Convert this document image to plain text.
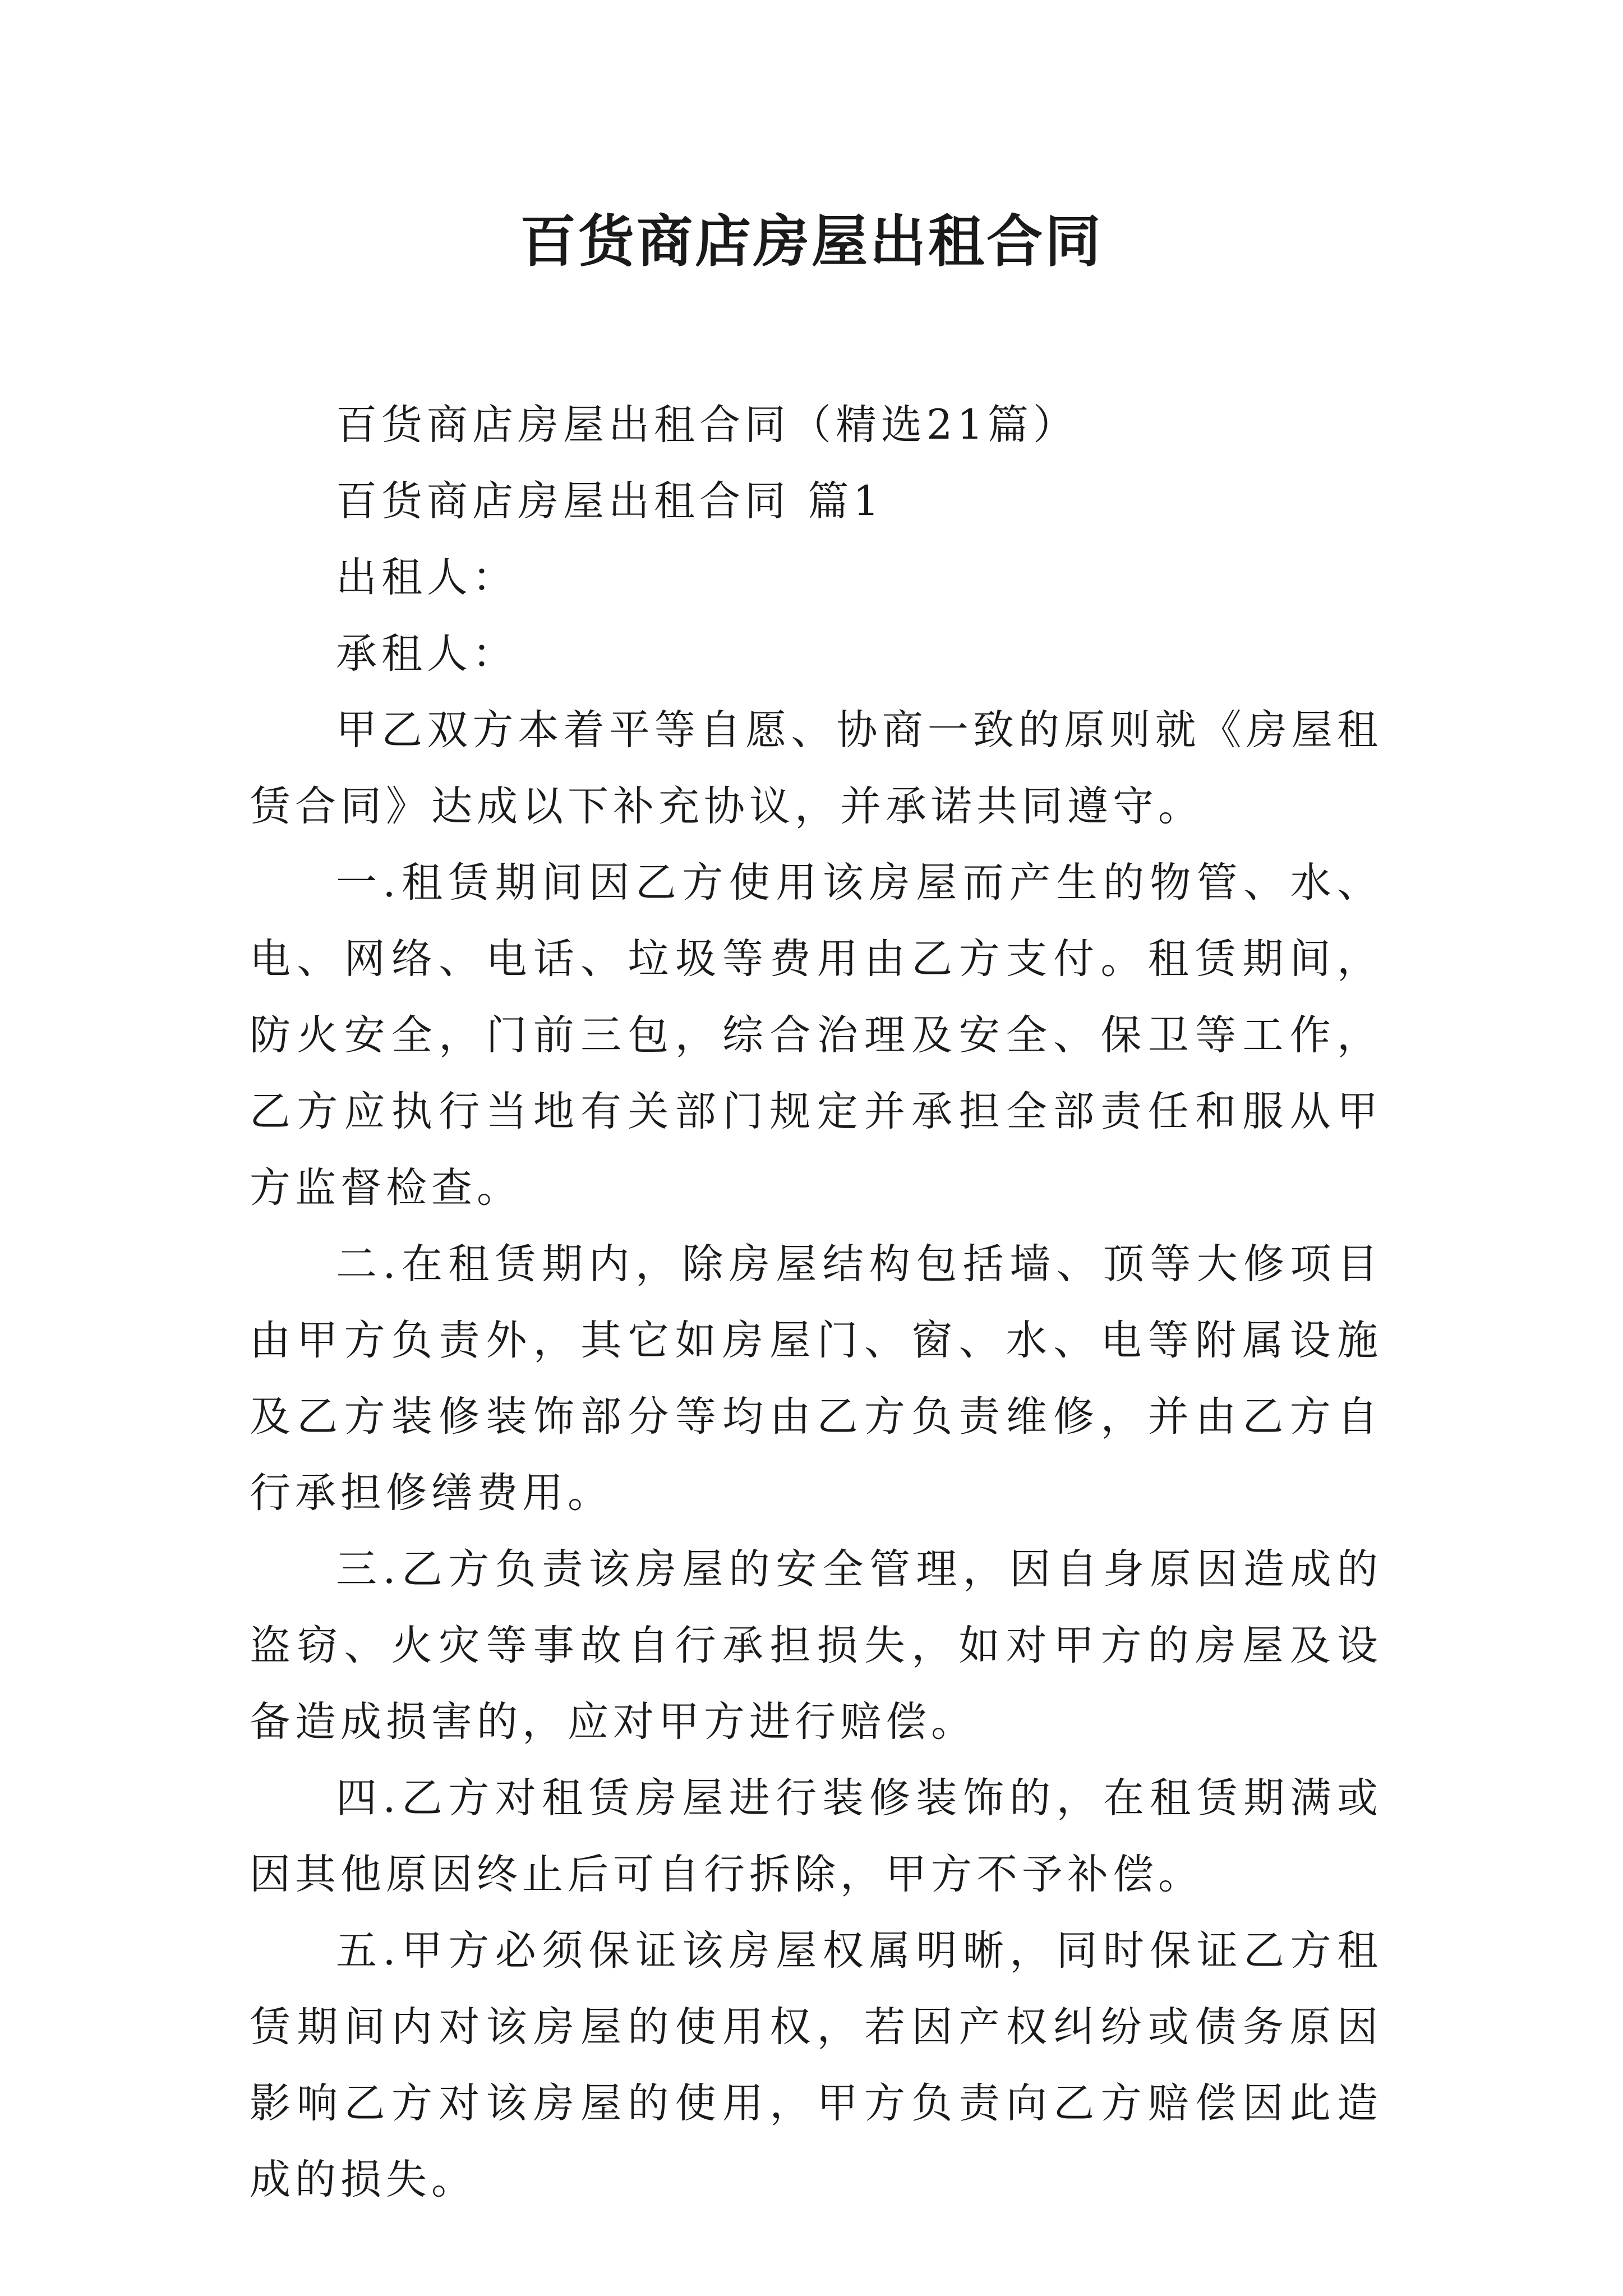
百货商店房屋出租合同

百货商店房屋出租合同（精选21篇）

百货商店房屋出租合同 篇1

出租人：

承租人：

甲乙双方本着平等自愿、协商一致的原则就《房屋租赁合同》达成以下补充协议，并承诺共同遵守。

一.租赁期间因乙方使用该房屋而产生的物管、水、电、网络、电话、垃圾等费用由乙方支付。租赁期间，防火安全，门前三包，综合治理及安全、保卫等工作，乙方应执行当地有关部门规定并承担全部责任和服从甲方监督检查。

二.在租赁期内，除房屋结构包括墙、顶等大修项目由甲方负责外，其它如房屋门、窗、水、电等附属设施及乙方装修装饰部分等均由乙方负责维修，并由乙方自行承担修缮费用。

三.乙方负责该房屋的安全管理，因自身原因造成的盗窃、火灾等事故自行承担损失，如对甲方的房屋及设备造成损害的，应对甲方进行赔偿。

四.乙方对租赁房屋进行装修装饰的，在租赁期满或因其他原因终止后可自行拆除，甲方不予补偿。

五.甲方必须保证该房屋权属明晰，同时保证乙方租赁期间内对该房屋的使用权，若因产权纠纷或债务原因影响乙方对该房屋的使用，甲方负责向乙方赔偿因此造成的损失。
